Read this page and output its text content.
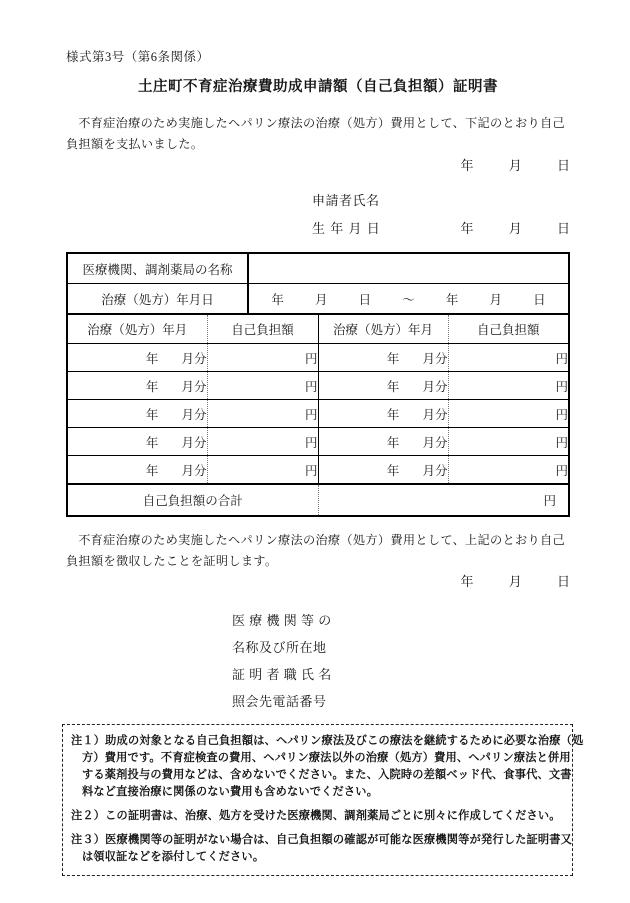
様式第3号（第6条関係）
土庄町不育症治療費助成申請額（自己負担額）証明書
不育症治療のため実施したヘパリン療法の治療（処方）費用として、下記のとおり自己
負担額を支払いました。
年 月 日
申請者氏名
生 年 月 日	年 月 日
医療機関、調剤薬局の名称	
治療（処方）年月日	年 月 日 ～ 年 月 日
治療（処方）年月	自己負担額	治療（処方）年月	自己負担額
年 月分	円	年 月分	円
年 月分	円	年 月分	円
年 月分	円	年 月分	円
年 月分	円	年 月分	円
年 月分	円	年 月分	円
自己負担額の合計		円	
不育症治療のため実施したヘパリン療法の治療（処方）費用として、上記のとおり自己
負担額を徴収したことを証明します。
年 月 日
医 療 機 関 等 の
名称及び所在地
証 明 者 職 氏 名
照会先電話番号
注１）助成の対象となる自己負担額は、ヘパリン療法及びこの療法を継続するために必要な治療（処
方）費用です。不育症検査の費用、ヘパリン療法以外の治療（処方）費用、ヘパリン療法と併用
する薬剤投与の費用などは、含めないでください。また、入院時の差額ベッド代、食事代、文書
料など直接治療に関係のない費用も含めないでください。
注２）この証明書は、治療、処方を受けた医療機関、調剤薬局ごとに別々に作成してください。
注３）医療機関等の証明がない場合は、自己負担額の確認が可能な医療機関等が発行した証明書又
は領収証などを添付してください。
